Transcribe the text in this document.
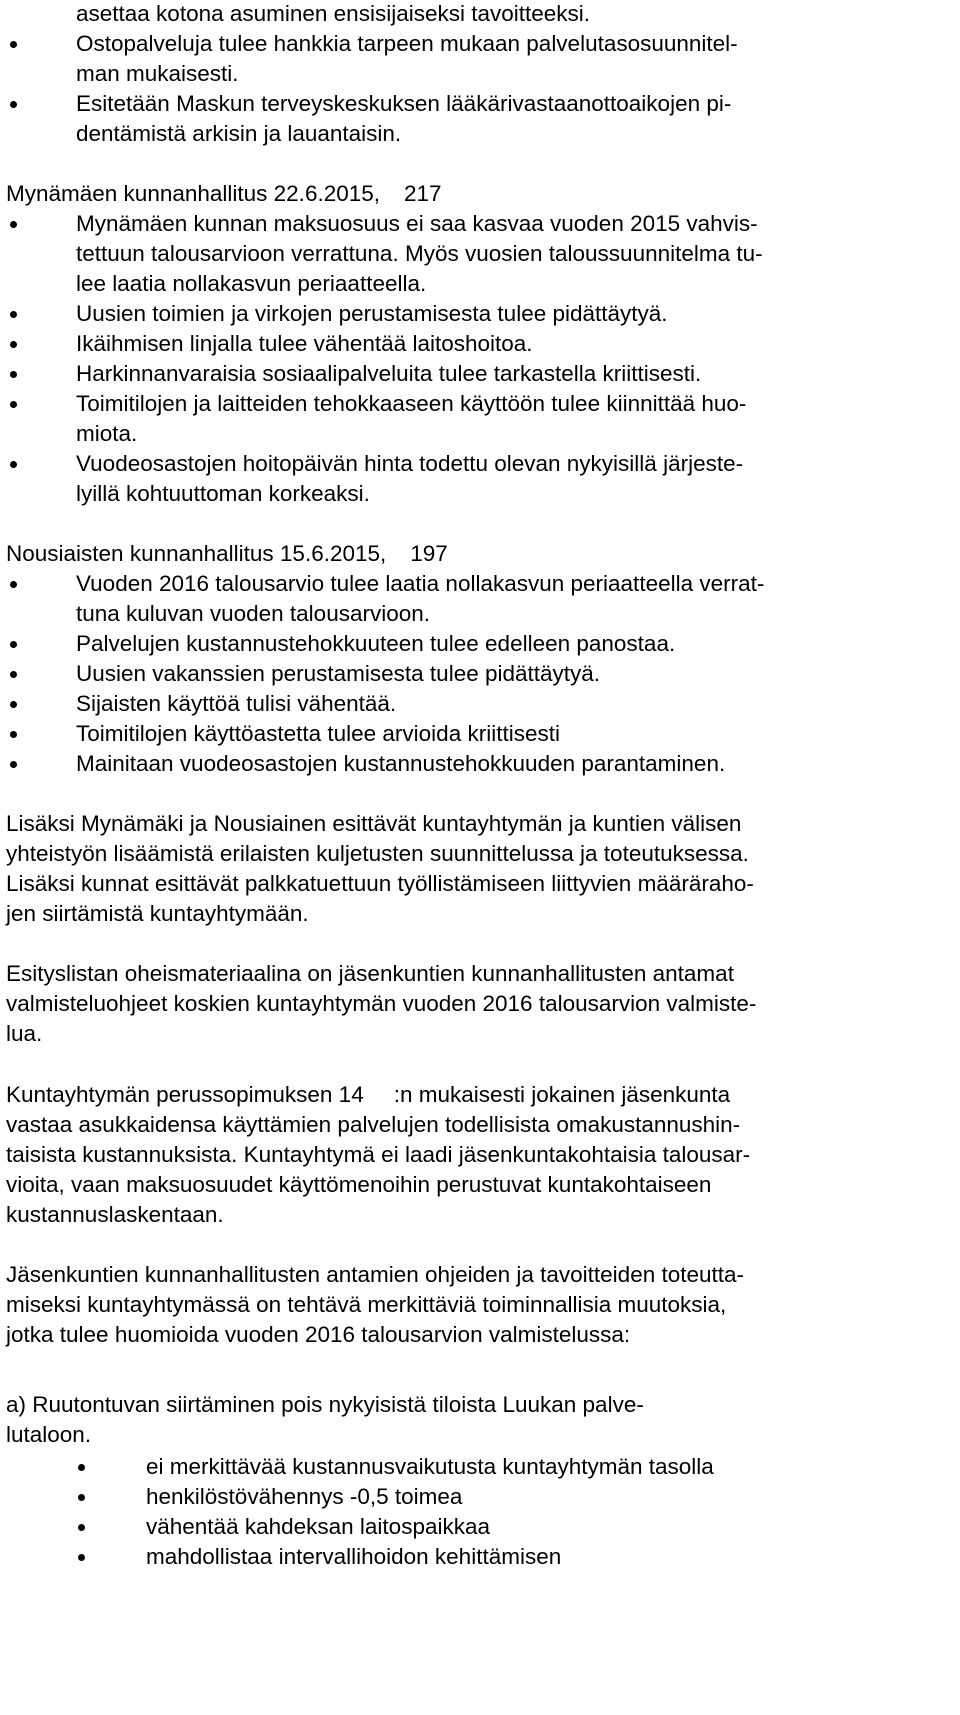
asettaa kotona asuminen ensisijaiseksi tavoitteeksi.
Ostopalveluja tulee hankkia tarpeen mukaan palvelutasosuunnitel-
man mukaisesti.
Esitetään Maskun terveyskeskuksen lääkärivastaanottoaikojen pi-
dentämistä arkisin ja lauantaisin.
Mynämäen kunnanhallitus 22.6.2015, 217
Mynämäen kunnan maksuosuus ei saa kasvaa vuoden 2015 vahvis-
tettuun talousarvioon verrattuna. Myös vuosien taloussuunnitelma tu-
lee laatia nollakasvun periaatteella.
Uusien toimien ja virkojen perustamisesta tulee pidättäytyä.
Ikäihmisen linjalla tulee vähentää laitoshoitoa.
Harkinnanvaraisia sosiaalipalveluita tulee tarkastella kriittisesti.
Toimitilojen ja laitteiden tehokkaaseen käyttöön tulee kiinnittää huo-
miota.
Vuodeosastojen hoitopäivän hinta todettu olevan nykyisillä järjeste-
lyillä kohtuuttoman korkeaksi.
Nousiaisten kunnanhallitus 15.6.2015, 197
Vuoden 2016 talousarvio tulee laatia nollakasvun periaatteella verrat-
tuna kuluvan vuoden talousarvioon.
Palvelujen kustannustehokkuuteen tulee edelleen panostaa.
Uusien vakanssien perustamisesta tulee pidättäytyä.
Sijaisten käyttöä tulisi vähentää.
Toimitilojen käyttöastetta tulee arvioida kriittisesti
Mainitaan vuodeosastojen kustannustehokkuuden parantaminen.
Lisäksi Mynämäki ja Nousiainen esittävät kuntayhtymän ja kuntien välisen
yhteistyön lisäämistä erilaisten kuljetusten suunnittelussa ja toteutuksessa.
Lisäksi kunnat esittävät palkkatuettuun työllistämiseen liittyvien määräraho-
jen siirtämistä kuntayhtymään.
Esityslistan oheismateriaalina on jäsenkuntien kunnanhallitusten antamat
valmisteluohjeet koskien kuntayhtymän vuoden 2016 talousarvion valmiste-
lua.
Kuntayhtymän perussopimuksen 14 :n mukaisesti jokainen jäsenkunta
vastaa asukkaidensa käyttämien palvelujen todellisista omakustannushin-
taisista kustannuksista. Kuntayhtymä ei laadi jäsenkuntakohtaisia talousar-
vioita, vaan maksuosuudet käyttömenoihin perustuvat kuntakohtaiseen
kustannuslaskentaan.
Jäsenkuntien kunnanhallitusten antamien ohjeiden ja tavoitteiden toteutta-
miseksi kuntayhtymässä on tehtävä merkittäviä toiminnallisia muutoksia,
jotka tulee huomioida vuoden 2016 talousarvion valmistelussa:
a) Ruutontuvan siirtäminen pois nykyisistä tiloista Luukan palve-
lutaloon.
ei merkittävää kustannusvaikutusta kuntayhtymän tasolla
henkilöstövähennys -0,5 toimea
vähentää kahdeksan laitospaikkaa
mahdollistaa intervallihoidon kehittämisen
